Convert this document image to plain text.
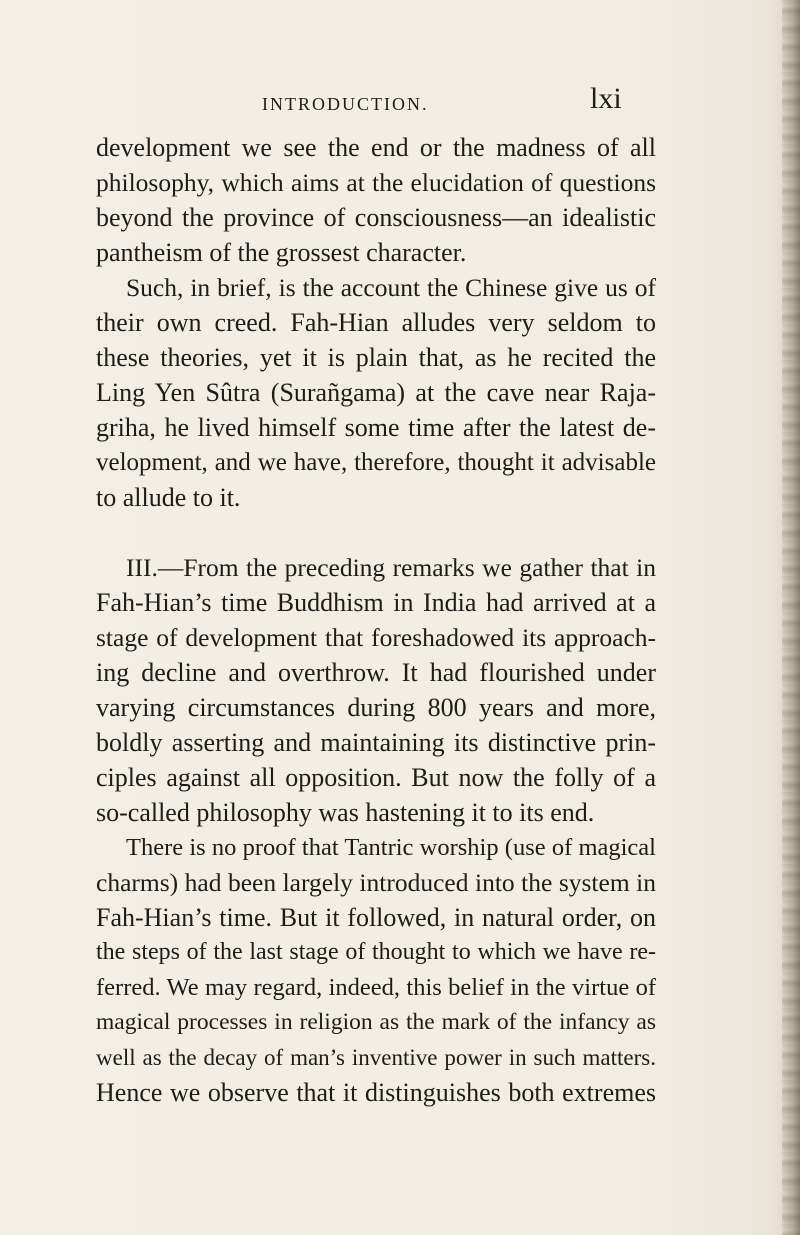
INTRODUCTION.	lxi
development we see the end or the madness of all
philosophy, which aims at the elucidation of questions
beyond the province of consciousness—an idealistic
pantheism of the grossest character.
Such, in brief, is the account the Chinese give us of
their own creed. Fah-Hian alludes very seldom to
these theories, yet it is plain that, as he recited the
Ling Yen Sûtra (Surañgama) at the cave near Raja-
griha, he lived himself some time after the latest de-
velopment, and we have, therefore, thought it advisable
to allude to it.
III.—From the preceding remarks we gather that in
Fah-Hian’s time Buddhism in India had arrived at a
stage of development that foreshadowed its approach-
ing decline and overthrow. It had flourished under
varying circumstances during 800 years and more,
boldly asserting and maintaining its distinctive prin-
ciples against all opposition. But now the folly of a
so-called philosophy was hastening it to its end.
There is no proof that Tantric worship (use of magical
charms) had been largely introduced into the system in
Fah-Hian’s time. But it followed, in natural order, on
the steps of the last stage of thought to which we have re-
ferred. We may regard, indeed, this belief in the virtue of
magical processes in religion as the mark of the infancy as
well as the decay of man’s inventive power in such matters.
Hence we observe that it distinguishes both extremes
